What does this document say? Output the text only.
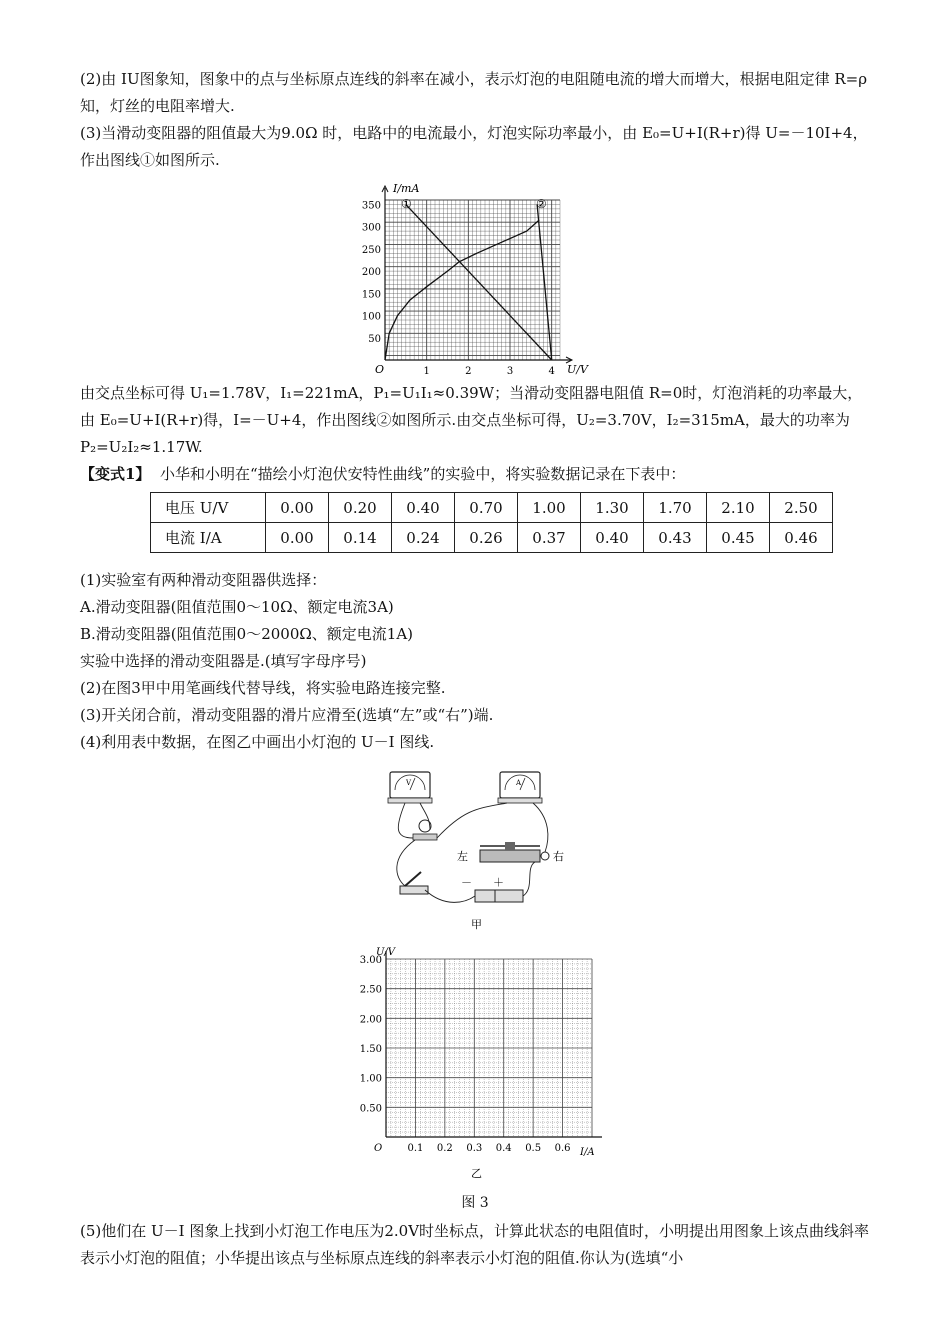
(2)由 IU图象知，图象中的点与坐标原点连线的斜率在减小，表示灯泡的电阻随电流的增大而增大，根据电阻定律 R=ρ 知，灯丝的电阻率增大.

(3)当滑动变阻器的阻值最大为9.0Ω 时，电路中的电流最小，灯泡实际功率最小，由 E₀=U+I(R+r)得 U=－10I+4，作出图线①如图所示.

I/mA
U/V
O
50
100
150
200
250
300
350
1	2	3	4
①	②

由交点坐标可得 U₁=1.78V，I₁=221mA，P₁=U₁I₁≈0.39W；当滑动变阻器电阻值 R=0时，灯泡消耗的功率最大，由 E₀=U+I(R+r)得，I=－U+4，作出图线②如图所示.由交点坐标可得，U₂=3.70V，I₂=315mA，最大的功率为 P₂=U₂I₂≈1.17W.

【变式1】 小华和小明在“描绘小灯泡伏安特性曲线”的实验中，将实验数据记录在下表中：

电压 U/V	0.00	0.20	0.40	0.70	1.00	1.30	1.70	2.10	2.50
电流 I/A	0.00	0.14	0.24	0.26	0.37	0.40	0.43	0.45	0.46

(1)实验室有两种滑动变阻器供选择：

A.滑动变阻器(阻值范围0～10Ω、额定电流3A)

B.滑动变阻器(阻值范围0～2000Ω、额定电流1A)

实验中选择的滑动变阻器是.(填写字母序号)

(2)在图3甲中用笔画线代替导线，将实验电路连接完整.

(3)开关闭合前，滑动变阻器的滑片应滑至(选填“左”或“右”)端.

(4)利用表中数据，在图乙中画出小灯泡的 U－I 图线.

V	A
左	右
－ ＋
甲
U/V
I/A
O
0.50
1.00
1.50
2.00
2.50
3.00
0.1 0.2 0.3 0.4 0.5 0.6
乙
图 3

(5)他们在 U－I 图象上找到小灯泡工作电压为2.0V时坐标点，计算此状态的电阻值时，小明提出用图象上该点曲线斜率表示小灯泡的阻值；小华提出该点与坐标原点连线的斜率表示小灯泡的阻值.你认为(选填“小
